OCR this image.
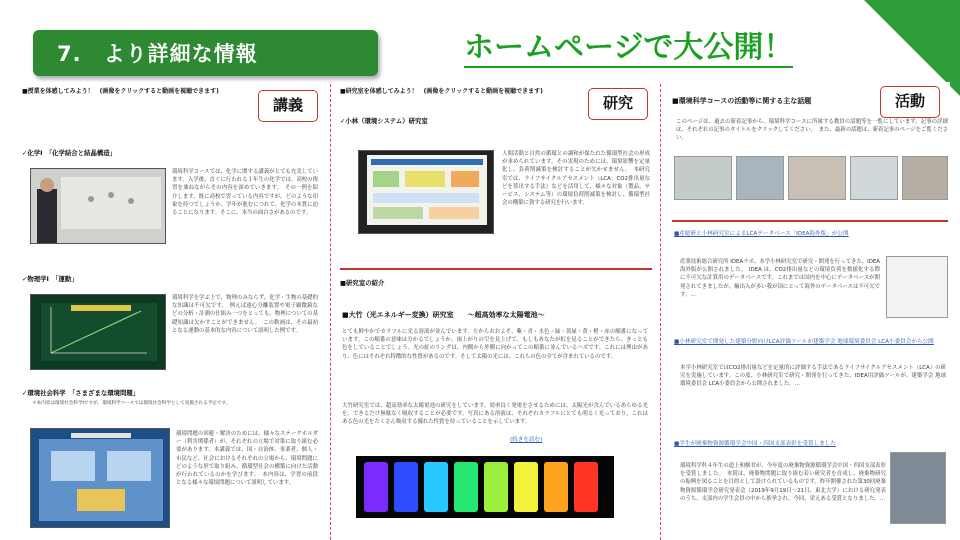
7.　より詳細な情報	ホームページで大公開！
■授業を体感してみよう！　(画像をクリックすると動画を視聴できます)
✓化学Ⅰ　「化学結合と結晶構造」
環境科学コースでは、化学に関する講義がとても充実しています。入学後、直ぐに行われる１年生の化学では、高校の復習を兼ねながらその内容を深めていきます。　その一例を紹介します。既に高校で習っている内容ですが、どのような印象を持つでしょうか。学年が進むにつれて、化学の本質に迫ることになります。そこに、本当の面白さがあるのです。
✓物理学Ⅰ　「運動」
環境科学を学ぶ上で、物理のみならず、化学・生物の基礎的な知識は不可欠です。　例えば遠心分離装置や電子顕微鏡などの分析・計測の仕組み一つをとっても、物理についての基礎知識は欠かすことができません。　この動画は、その最初となる運動の基本的な内容について説明した例です。
✓環境社会科学　「さまざまな環境問題」
＊本内容は環境社会科学Ⅰですが、環境科学コースでは環境社会科学として実施される予定です。
環境問題の回避・解決のためには、様々なステークホルダー（利害関係者）が、それぞれの立場で対策に取り組む必要があります。本講義では、国・自治体、事業者、個人・市民など、社会におけるそれぞれの立場から、環境問題にどのような形で取り組み、循環型社会の構築に向けた活動が行われているのかを学びます。　本内容は、学習の前段となる様々な環境問題について説明しています。
講義
■研究室を体感してみよう！　(画像をクリックすると動画を視聴できます)
✓小林（環境システム）研究室
人間活動と自然の循環との調和が保たれた循環型社会の形成が求められています。その実現のためには、環境影響を定量化し、負荷削減策を検討することが欠かせません。　本研究室では、ライフサイクルアセスメント（LCA：CO2排出量などを算出する手法）などを活用して、様々な対象（製品、サービス、システム等）の環境負荷削減策を検討し、循環型社会の構築に資する研究を行います。
■研究室の紹介
■大竹（光エネルギー変換）研究室　　～超高効率な太陽電池～
とても鮮やかでカラフルに光る溶液が並んでいます。左からおおよそ、紫・青・水色・緑・黄緑・黄・橙・赤の順番になっています。この順番の意味は分かるでしょうか。雨上がりの空を見上げて、もしもあなたが虹を見ることができたら、きっとも色をしていることでしょう。光の虹のリングは、内側から外側に向かってこの順番に並んでいるハズです。これには理由があり、色にはそれぞれ特徴的な性質があるのです。そして太陽の光には、これらの色の全てが含まれているのです。
大竹研究室では、超高効率な太陽電池の研究をしています。効率良く発電をさせるためには、太陽光が含んでいるあらゆる光を、できるだけ無駄なく吸収することが必要です。写真にある溶液は、それぞれカラフルにとても明るく光っており、これはある色の光をたくさん吸収する優れた性質を持っていることを示しています。
(続きを読む)
研究	■環境科学コースの活動等に関する主な話題
このページは、過去の新着記事から、環境科学コースに所属する教員の話題等を一覧にしています。記事の詳細は、それぞれの記事のタイトルをクリックしてください。　また、最新の話題は、新着記事のページをご覧ください。
■産総研と小林研究室によるLCAデータベース「IDEA海外版」が公開
産業技術総合研究所 IDEAラボ、本学小林研究室で研究・開発を行ってきた、IDEA海外版が公開されました。　IDEA は、CO2排出量などの環境負荷を数値化する際に不可欠な計算用のデータベースです。これまでは国内を中心にデータベースが開発されてきましたが、輸出入が多い我が国にとって海外のデータベースは不可欠です。…
■小林研究室で開発した建築分野向けLCA評価ツールが建築学会 地球環境委員会 LCA小委員会から公開
本学小林研究室ではCO2排出量などを定量的に評価する手法であるライフサイクルアセスメント（LCA）の研究を実施しています。この度、小林研究室で研究・開発を行ってきた、IDEA用評価ツールが、建築学会 地球環境委員会 LCA小委員会から公開されました。…
■学生が廃棄物資源循環学会中国・四国支部表彰を受賞しました
環境科学科４年生の道上和樹君が、今年度の廃棄物資源循環学会中国・四国支部表彰を受賞しました。　本賞は、廃棄物問題に取り組む若い研究者を育成し、廃棄物研究の振興を図ることを目的として設けられているものです。昨年開催された第30回廃棄物資源循環学会研究発表会（2019年9月19日～21日、東北大学）における研究発表のうち、支部内の学生会員の中から推挙され、今回、栄えある受賞となりました。…
活動
